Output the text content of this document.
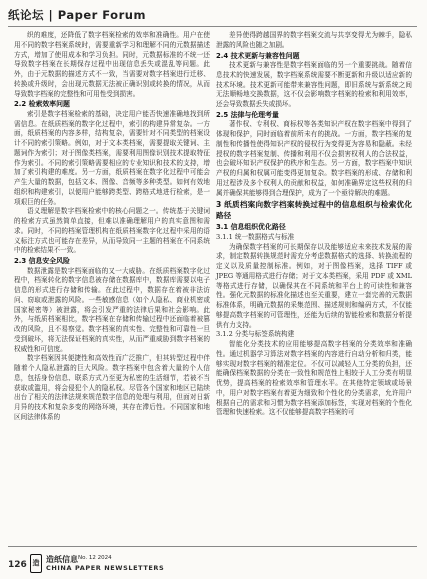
纸论坛 | Paper Forum

织的难度，还降低了数字档案检索的效率和准确性。用户在使用不同的数字档案系统时，需要重新学习和理解不同的元数据描述方式，增加了使用成本和学习负担。同时，元数据标准的不统一还导致数字档案在长期保存过程中出现信息丢失或混乱等问题。此外，由于元数据的描述方式不一致，当需要对数字档案进行迁移、转换或升级时，会出现元数据无法被正确识别或转换的情况，从而导致数字档案的完整性和可用性受到损害。

2.2 检索效率问题

索引是数字档案检索的基础，决定用户能否快速准确地找到所需信息。在纸质档案的数字化过程中，索引的构建异常复杂。一方面，纸质档案的内容多样，结构复杂，需要针对不同类型的档案设计不同的索引策略。例如，对于文本类档案，需要提取关键词、主题词作为索引；对于图像类档案，需要利用图像识别技术提取特征作为索引。不同的索引策略需要相应的专业知识和技术的支持，增加了索引构建的难度。另一方面，纸质档案在数字化过程中可能会产生大量的数据，包括文本、图像、音频等多种类型。如何有效地组织和构建索引，以便用户能够跨类型、跨格式地进行检索，是一项艰巨的任务。

语义理解是数字档案检索中的核心问题之一。传统基于关键词的检索方式虽然简单直接，但难以准确理解用户的真实意图和需求。同时，不同的档案管理机构在纸质档案数字化过程中采用的语义标注方式也可能存在差异，从而导致同一主题的档案在不同系统中的检索结果不一致。

2.3 信息安全风险

数据泄露是数字档案面临的又一大威胁。在纸质档案数字化过程中，档案转化的数字信息被存储在数据库中，数据库需要以电子信息的形式进行存储和传输。在此过程中，数据存在着被非法访问、窃取或泄露的风险。一些敏感信息（如个人隐私、商业机密或国家秘密等）被泄露，将会引发严重的法律后果和社会影响。此外，与纸质档案相比，数字档案在存储和传输过程中还面临着被篡改的风险，且不易察觉。数字档案的真实性、完整性和可靠性一旦受到破坏，将无法保证档案的真实性，从而严重威胁到数字档案的权威性和可信度。

数字档案因其便捷性和高效性而广泛推广，但其转型过程中伴随着个人隐私泄露的巨大风险。数字档案中包含着大量的个人信息，包括身份信息、联系方式乃至更为私密的生活细节，若被不当获取或滥用，将会侵犯个人的隐私权。尽管各个国家和地区已陆续出台了相关的法律法规来规范数字信息的处理与利用，但面对日新月异的技术和复杂多变的网络环境，其存在滞后性。不同国家和地区间法律体系的

差异使得跨越国界的数字档案交流与共享变得尤为棘手，隐私泄露的风险也随之加剧。

2.4 技术更新与兼容性问题

技术更新与兼容性是数字档案面临的另一个重要挑战。随着信息技术的快速发展，数字档案系统需要不断更新和升级以适应新的技术环境。技术更新可能带来兼容性问题，即旧系统与新系统之间无法顺畅地交换数据，这不仅会影响数字档案的检索和利用效率，还会导致数据丢失或损坏。

2.5 法律与伦理考量

著作权、专利权、商标权等各类知识产权在数字档案中得到了体现和保护，同时面临着前所未有的挑战。一方面，数字档案的复制性和传播性使得知识产权的侵权行为变得更为容易和隐蔽。未经授权的数字档案复制、传播和利用不仅会损害权利人的合法权益，也会破坏知识产权保护的秩序和生态。另一方面，数字档案中知识产权的归属和权属可能变得更加复杂。数字档案的形成、存储和利用过程涉及多个权利人的贡献和权益，如何准确界定这些权利的归属并确保其能够得到合理保护，成为了一个亟待解决的难题。

3 纸质档案向数字档案转换过程中的信息组织与检索优化路径
3.1 信息组织优化路径
3.1.1 统一数据格式与标准

为确保数字档案的可长期保存以及能够适应未来技术发展的需求，制定数据转换规范时需充分考虑数据格式的选择、转换流程的定义以及质量控制标准。例如，对于图像档案，选择 TIFF 或 JPEG 等通用格式进行存储；对于文本类档案，采用 PDF 或 XML 等格式进行存储，以确保其在不同系统和平台上的可读性和兼容性。强化元数据的标准化描述也至关重要，建立一套完善的元数据标准体系，明确元数据的采集范围、描述规则和编码方式，不仅能够提高数字档案的可管理性，还能为后续的智能检索和数据分析提供有力支持。

3.1.2 分类与标签系统构建

智能化分类技术的应用能够提高数字档案的分类效率和准确性。通过机器学习算法对数字档案的内容进行自动分析和归类，能够实现对数字档案的精准定位。不仅可以减轻人工分类的负担，还能确保档案数据的分类在一致性和规范性上相较于人工分类有明显优势，提高档案的检索效率和管理水平。在其他特定领域或场景中，用户对数字档案有着更为细致和个性化的分类需求，允许用户根据自己的需求和习惯为数字档案添加标签，实现对档案的个性化管理和快速检索。这不仅能够提高数字档案的可

126 造 造纸信息 No. 12 2024
CHINA PAPER NEWSLETTERS
